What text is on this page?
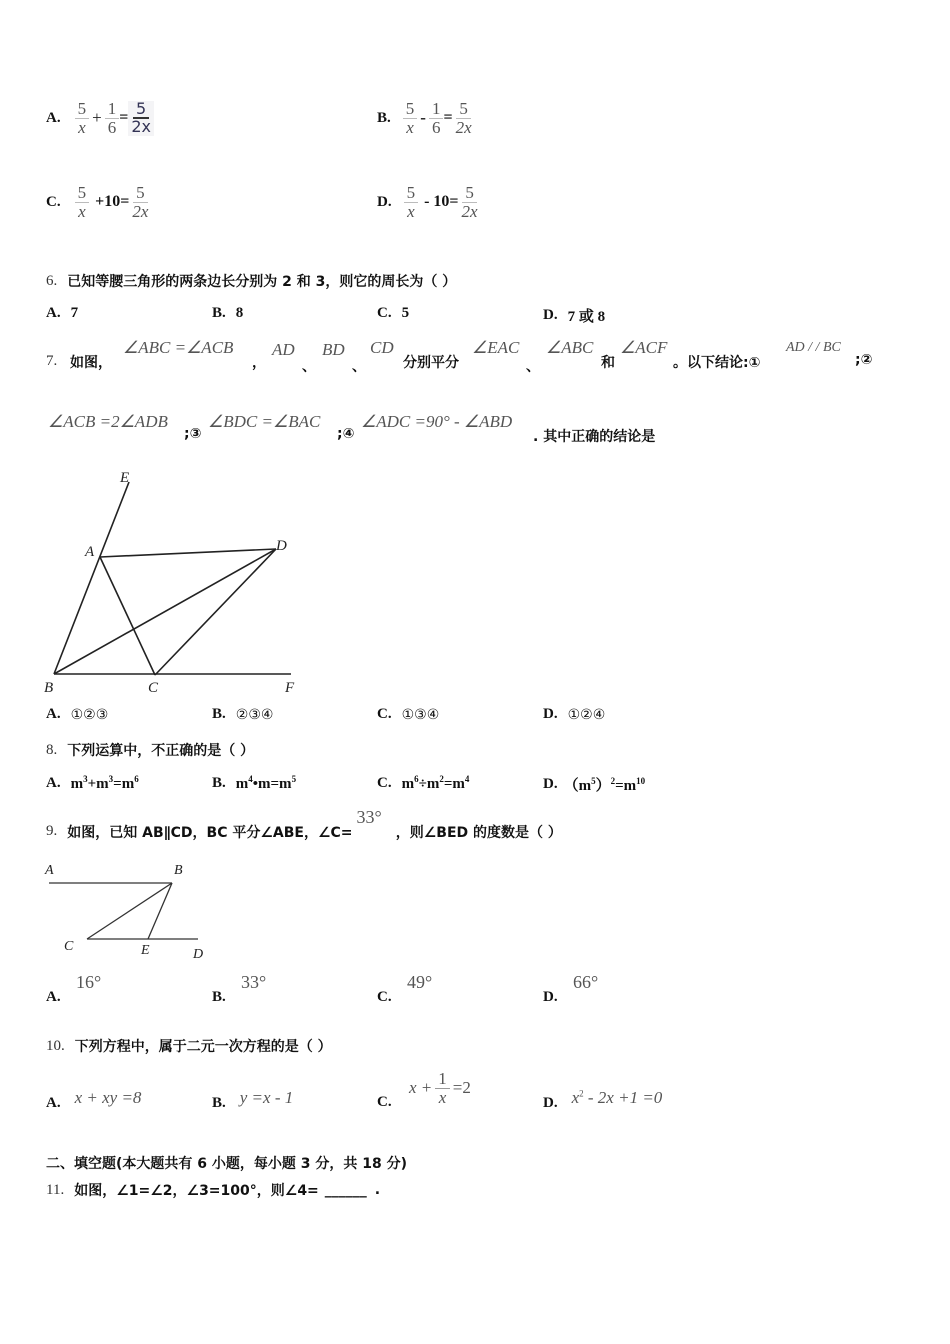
A. $\frac{5}{x} + \frac{1}{6} = \frac{5}{2x}$	B. $\frac{5}{x} - \frac{1}{6} = \frac{5}{2x}$
C. $\frac{5}{x} +10= \frac{5}{2x}$	D. $\frac{5}{x} - 10= \frac{5}{2x}$
6. 已知等腰三角形的两条边长分别为 2 和 3，则它的周长为（ ）
A. 7	B. 8	C. 5	D. 7 或 8
7. 如图，
∠ABC =∠ACB
，
AD
、
BD
、
CD
分别平分
∠EAC
、
∠ABC
和
∠ACF
。以下结论:①
AD / / BC
;②
∠ACB =2∠ADB
;③
∠BDC =∠BAC
;④
∠ADC =90° - ∠ABD
. 其中正确的结论是
E
A	D
B	C	F
A. ①②③	B. ②③④	C. ①③④	D. ①②④
8. 下列运算中，不正确的是（ ）
A. $m^3+m^3=m^6$	B. $m^4•m=m^5$	C. $m^6\div m^2=m^4$	D. $(m^5)^2=m^{10}$
9. 如图，已知 AB∥CD，BC 平分∠ABE，∠C=
33°
，则∠BED 的度数是（ ）
A	B
C	E	D
A.
16°
B.
33°
C.
49°
D.
66°
10. 下列方程中，属于二元一次方程的是（ ）
A. x + xy =8	B. y =x - 1	C.
$x + \frac{1}{x} =2$
D. $x^2 - 2x +1 =0$
二、填空题(本大题共有 6 小题，每小题 3 分，共 18 分)
11. 如图，∠1=∠2，∠3=100°，则∠4= ______ .
